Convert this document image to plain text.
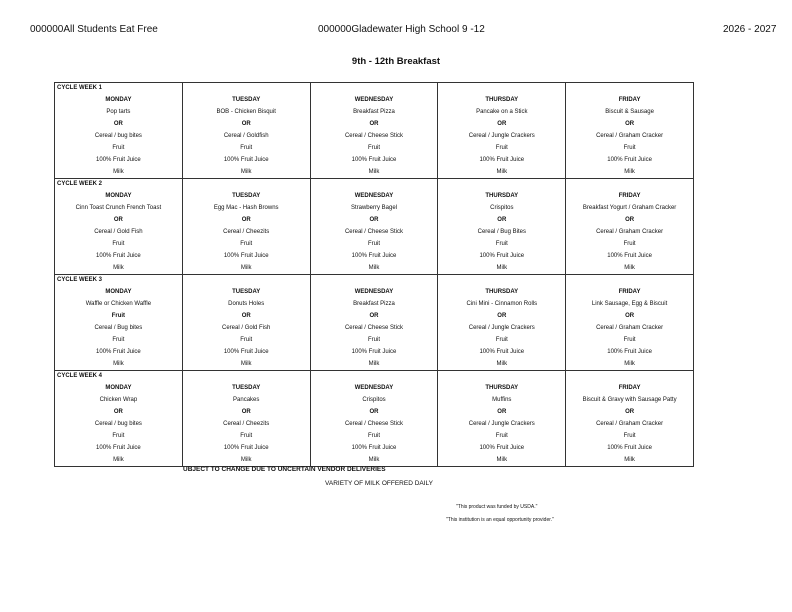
000000All Students Eat Free	000000Gladewater High School 9 -12	2026 - 2027
9th - 12th Breakfast
CYCLE WEEK 1				
MONDAY	TUESDAY	WEDNESDAY	THURSDAY	FRIDAY
Pop tarts	BOB - Chicken Bisquit	Breakfast Pizza	Pancake on a Stick	Biscuit & Sausage
OR	OR	OR	OR	OR
Cereal / bug bites	Cereal / Goldfish	Cereal / Cheese Stick	Cereal / Jungle Crackers	Cereal / Graham Cracker
Fruit	Fruit	Fruit	Fruit	Fruit
100% Fruit Juice	100% Fruit Juice	100% Fruit Juice	100% Fruit Juice	100% Fruit Juice
Milk	Milk	Milk	Milk	Milk
CYCLE WEEK 2				
MONDAY	TUESDAY	WEDNESDAY	THURSDAY	FRIDAY
Cinn Toast Crunch French Toast	Egg Mac - Hash Browns	Strawberry Bagel	Crispitos	Breakfast Yogurt / Graham Cracker
OR	OR	OR	OR	OR
Cereal / Gold Fish	Cereal / Cheezits	Cereal / Cheese Stick	Cereal / Bug Bites	Cereal / Graham Cracker
Fruit	Fruit	Fruit	Fruit	Fruit
100% Fruit Juice	100% Fruit Juice	100% Fruit Juice	100% Fruit Juice	100% Fruit Juice
Milk	Milk	Milk	Milk	Milk
CYCLE WEEK 3				
MONDAY	TUESDAY	WEDNESDAY	THURSDAY	FRIDAY
Waffle or Chicken Waffle	Donuts Holes	Breakfast Pizza	Cini Mini - Cinnamon Rolls	Link Sausage, Egg & Biscuit
Fruit	OR	OR	OR	OR
Cereal / Bug bites	Cereal / Gold Fish	Cereal / Cheese Stick	Cereal / Jungle Crackers	Cereal / Graham Cracker
Fruit	Fruit	Fruit	Fruit	Fruit
100% Fruit Juice	100% Fruit Juice	100% Fruit Juice	100% Fruit Juice	100% Fruit Juice
Milk	Milk	Milk	Milk	Milk
CYCLE WEEK 4				
MONDAY	TUESDAY	WEDNESDAY	THURSDAY	FRIDAY
Chicken Wrap	Pancakes	Crispitos	Muffins	Biscuit & Gravy with Sausage Patty
OR	OR	OR	OR	OR
Cereal / bug bites	Cereal / Cheezits	Cereal / Cheese Stick	Cereal / Jungle Crackers	Cereal / Graham Cracker
Fruit	Fruit	Fruit	Fruit	Fruit
100% Fruit Juice	100% Fruit Juice	100% Fruit Juice	100% Fruit Juice	100% Fruit Juice
Milk	Milk	Milk	Milk	Milk
UBJECT TO CHANGE DUE TO UNCERTAIN VENDOR DELIVERIES
VARIETY OF MILK OFFERED DAILY
"This product was funded by USDA."
"This institution is an equal opportunity provider."
